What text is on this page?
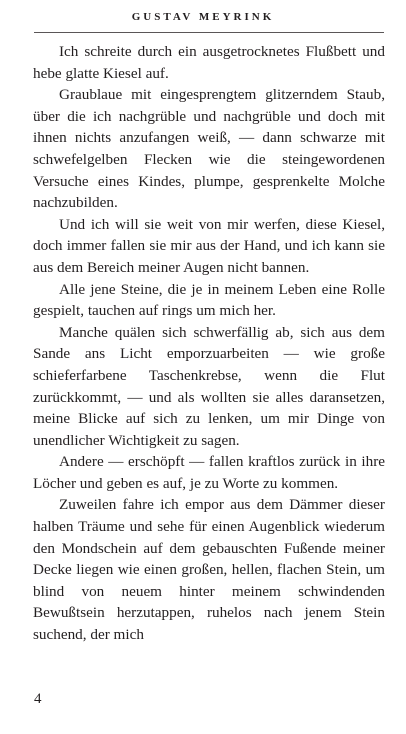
GUSTAV MEYRINK

Ich schreite durch ein ausgetrocknetes Flußbett und hebe glatte Kiesel auf.

Graublaue mit eingesprengtem glitzerndem Staub, über die ich nachgrüble und nachgrüble und doch mit ihnen nichts anzufangen weiß, — dann schwarze mit schwefelgelben Flecken wie die steingewordenen Versuche eines Kindes, plumpe, gesprenkelte Molche nachzubilden.

Und ich will sie weit von mir werfen, diese Kiesel, doch immer fallen sie mir aus der Hand, und ich kann sie aus dem Bereich meiner Augen nicht bannen.

Alle jene Steine, die je in meinem Leben eine Rolle gespielt, tauchen auf rings um mich her.

Manche quälen sich schwerfällig ab, sich aus dem Sande ans Licht emporzuarbeiten — wie große schieferfarbene Taschenkrebse, wenn die Flut zurückkommt, — und als wollten sie alles daransetzen, meine Blicke auf sich zu lenken, um mir Dinge von unendlicher Wichtigkeit zu sagen.

Andere — erschöpft — fallen kraftlos zurück in ihre Löcher und geben es auf, je zu Worte zu kommen.

Zuweilen fahre ich empor aus dem Dämmer dieser halben Träume und sehe für einen Augenblick wiederum den Mondschein auf dem gebauschten Fußende meiner Decke liegen wie einen großen, hellen, flachen Stein, um blind von neuem hinter meinem schwindenden Bewußtsein herzutappen, ruhelos nach jenem Stein suchend, der mich

4
